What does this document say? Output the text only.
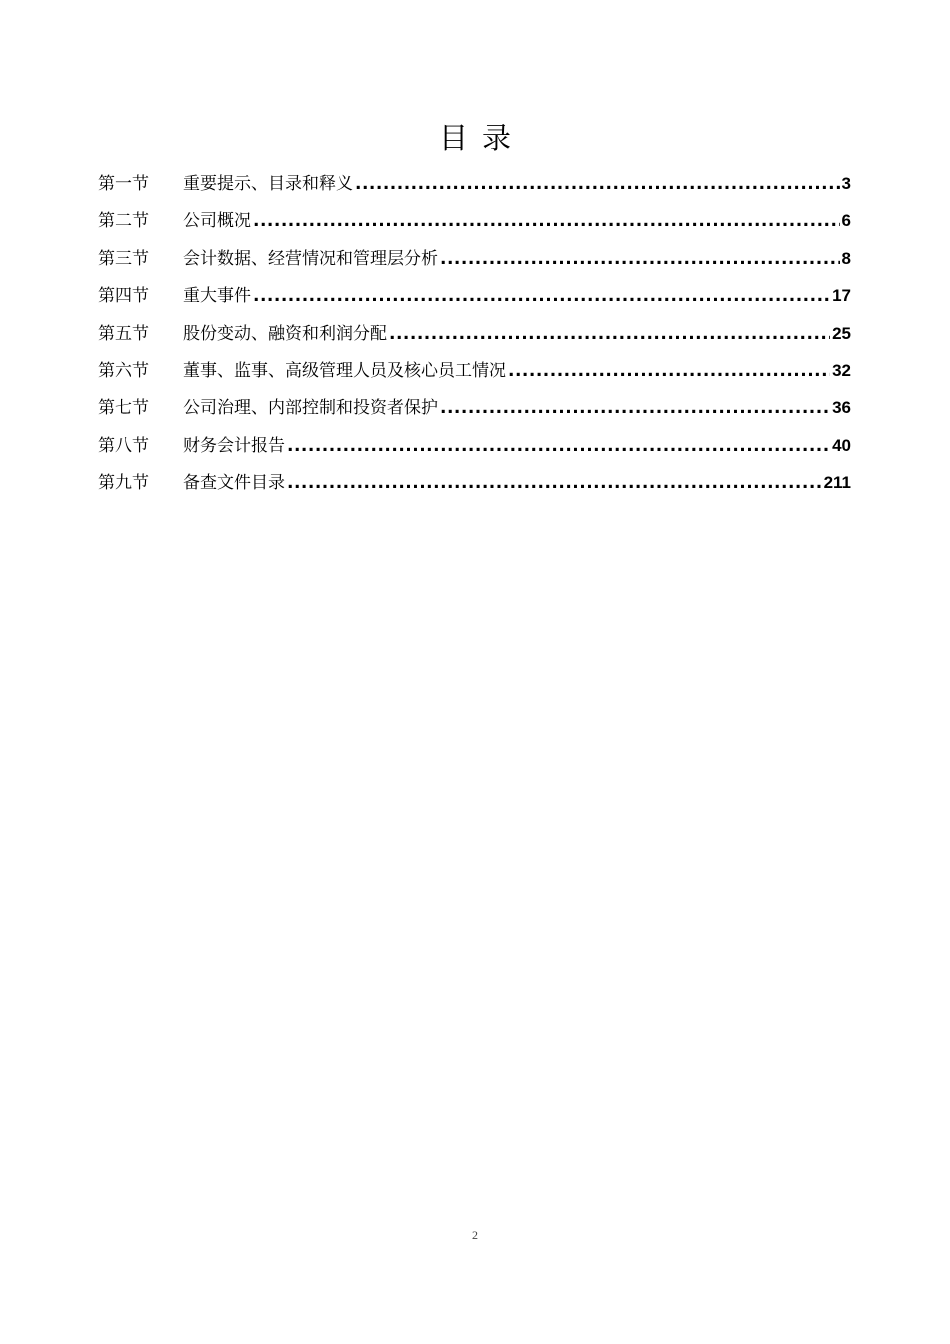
目录
第一节	重要提示、目录和释义 .....	3
第二节	公司概况 .....	6
第三节	会计数据、经营情况和管理层分析 .....	8
第四节	重大事件 .....	17
第五节	股份变动、融资和利润分配 .....	25
第六节	董事、监事、高级管理人员及核心员工情况 .....	32
第七节	公司治理、内部控制和投资者保护 .....	36
第八节	财务会计报告 .....	40
第九节	备查文件目录 .....	211
2
